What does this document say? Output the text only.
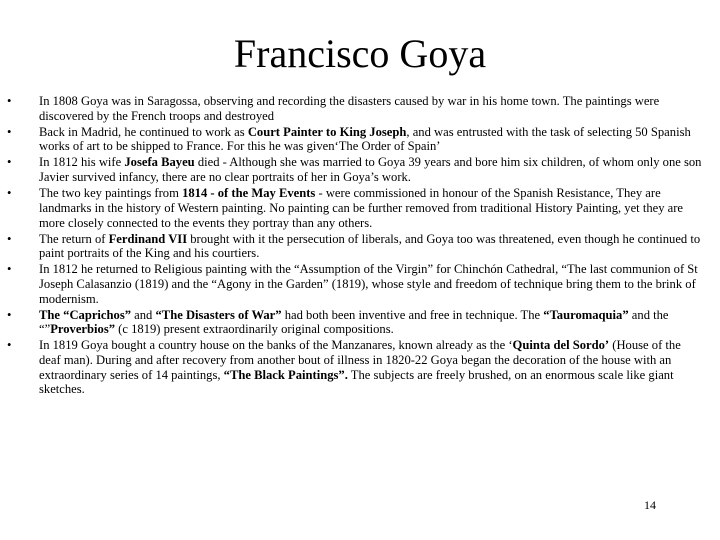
Francisco Goya
• In 1808 Goya was in Saragossa, observing and recording the disasters caused by war in his home town. The paintings were discovered by the French troops and destroyed
• Back in Madrid, he continued to work as Court Painter to King Joseph, and was entrusted with the task of selecting 50 Spanish works of art to be shipped to France. For this he was given‘The Order of Spain’
• In 1812 his wife Josefa Bayeu died - Although she was married to Goya 39 years and bore him six children, of whom only one son Javier survived infancy, there are no clear portraits of her in Goya’s work.
• The two key paintings from 1814 - of the May Events - were commissioned in honour of the Spanish Resistance, They are landmarks in the history of Western painting. No painting can be further removed from traditional History Painting, yet they are more closely connected to the events they portray than any others.
• The return of Ferdinand VII brought with it the persecution of liberals, and Goya too was threatened, even though he continued to paint portraits of the King and his courtiers.
• In 1812 he returned to Religious painting with the “Assumption of the Virgin” for Chinchón Cathedral, “The last communion of St Joseph Calasanzio (1819) and the “Agony in the Garden” (1819), whose style and freedom of technique bring them to the brink of modernism.
• The “Caprichos” and “The Disasters of War” had both been inventive and free in technique. The “Tauromaquia” and the “”Proverbios” (c 1819) present extraordinarily original compositions.
• In 1819 Goya bought a country house on the banks of the Manzanares, known already as the ‘Quinta del Sordo’ (House of the deaf man). During and after recovery from another bout of illness in 1820-22 Goya began the decoration of the house with an extraordinary series of 14 paintings, “The Black Paintings”. The subjects are freely brushed, on an enormous scale like giant sketches.
14
